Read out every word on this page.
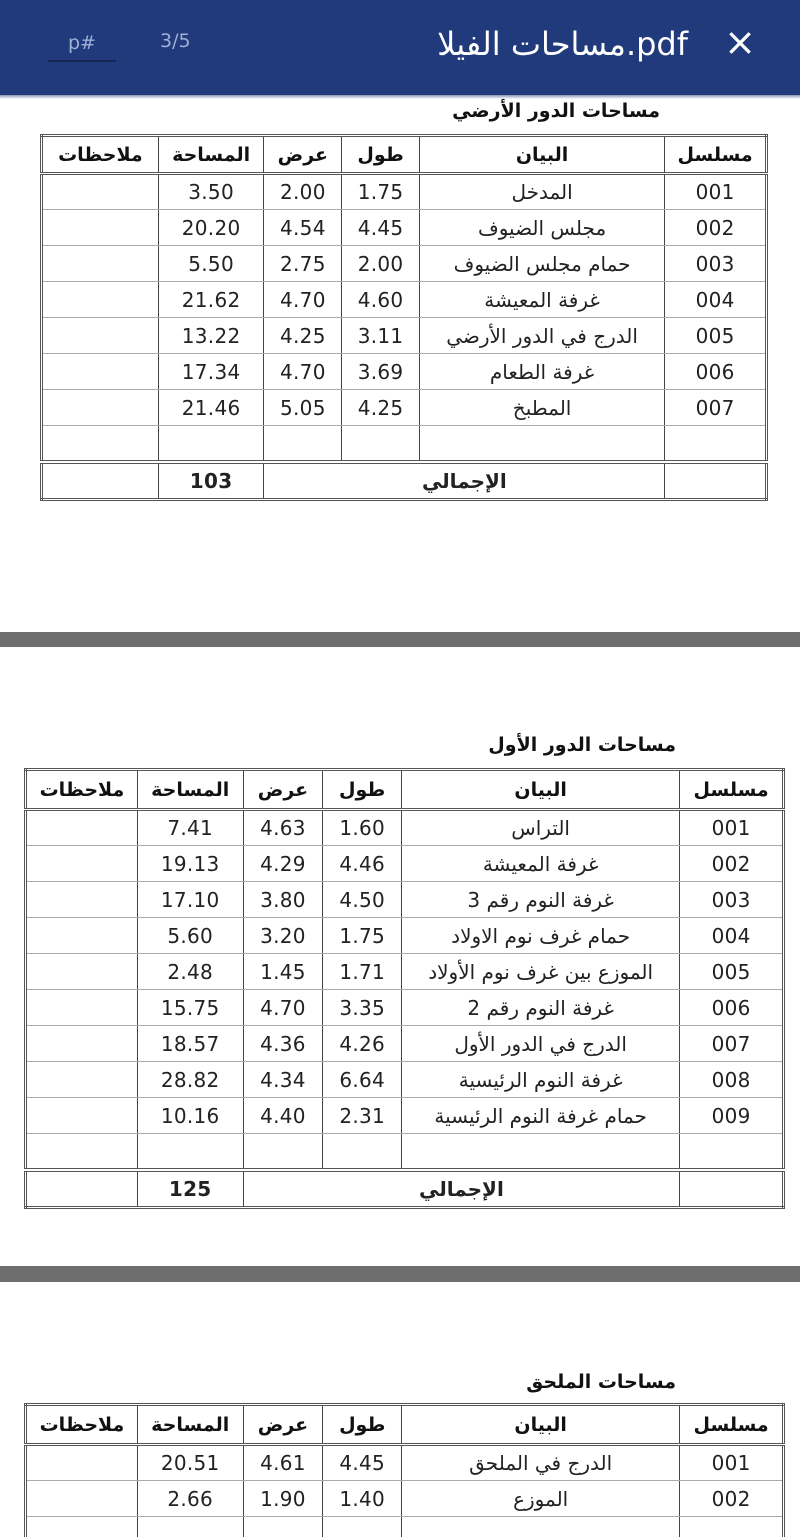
×
مساحات الفيلا.pdf
3/5
p#
مساحات الدور الأرضي
مسلسل	البيان	طول	عرض	المساحة	ملاحظات
001	المدخل	1.75	2.00	3.50	
002	مجلس الضيوف	4.45	4.54	20.20	
003	حمام مجلس الضيوف	2.00	2.75	5.50	
004	غرفة المعيشة	4.60	4.70	21.62	
005	الدرج في الدور الأرضي	3.11	4.25	13.22	
006	غرفة الطعام	3.69	4.70	17.34	
007	المطبخ	4.25	5.05	21.46	

	الإجمالي			103	
مساحات الدور الأول
مسلسل	البيان	طول	عرض	المساحة	ملاحظات
001	التراس	1.60	4.63	7.41	
002	غرفة المعيشة	4.46	4.29	19.13	
003	غرفة النوم رقم 3	4.50	3.80	17.10	
004	حمام غرف نوم الاولاد	1.75	3.20	5.60	
005	الموزع بين غرف نوم الأولاد	1.71	1.45	2.48	
006	غرفة النوم رقم 2	3.35	4.70	15.75	
007	الدرج في الدور الأول	4.26	4.36	18.57	
008	غرفة النوم الرئيسية	6.64	4.34	28.82	
009	حمام غرفة النوم الرئيسية	2.31	4.40	10.16	

	الإجمالي			125	
مساحات الملحق
مسلسل	البيان	طول	عرض	المساحة	ملاحظات
001	الدرج في الملحق	4.45	4.61	20.51	
002	الموزع	1.40	1.90	2.66	
